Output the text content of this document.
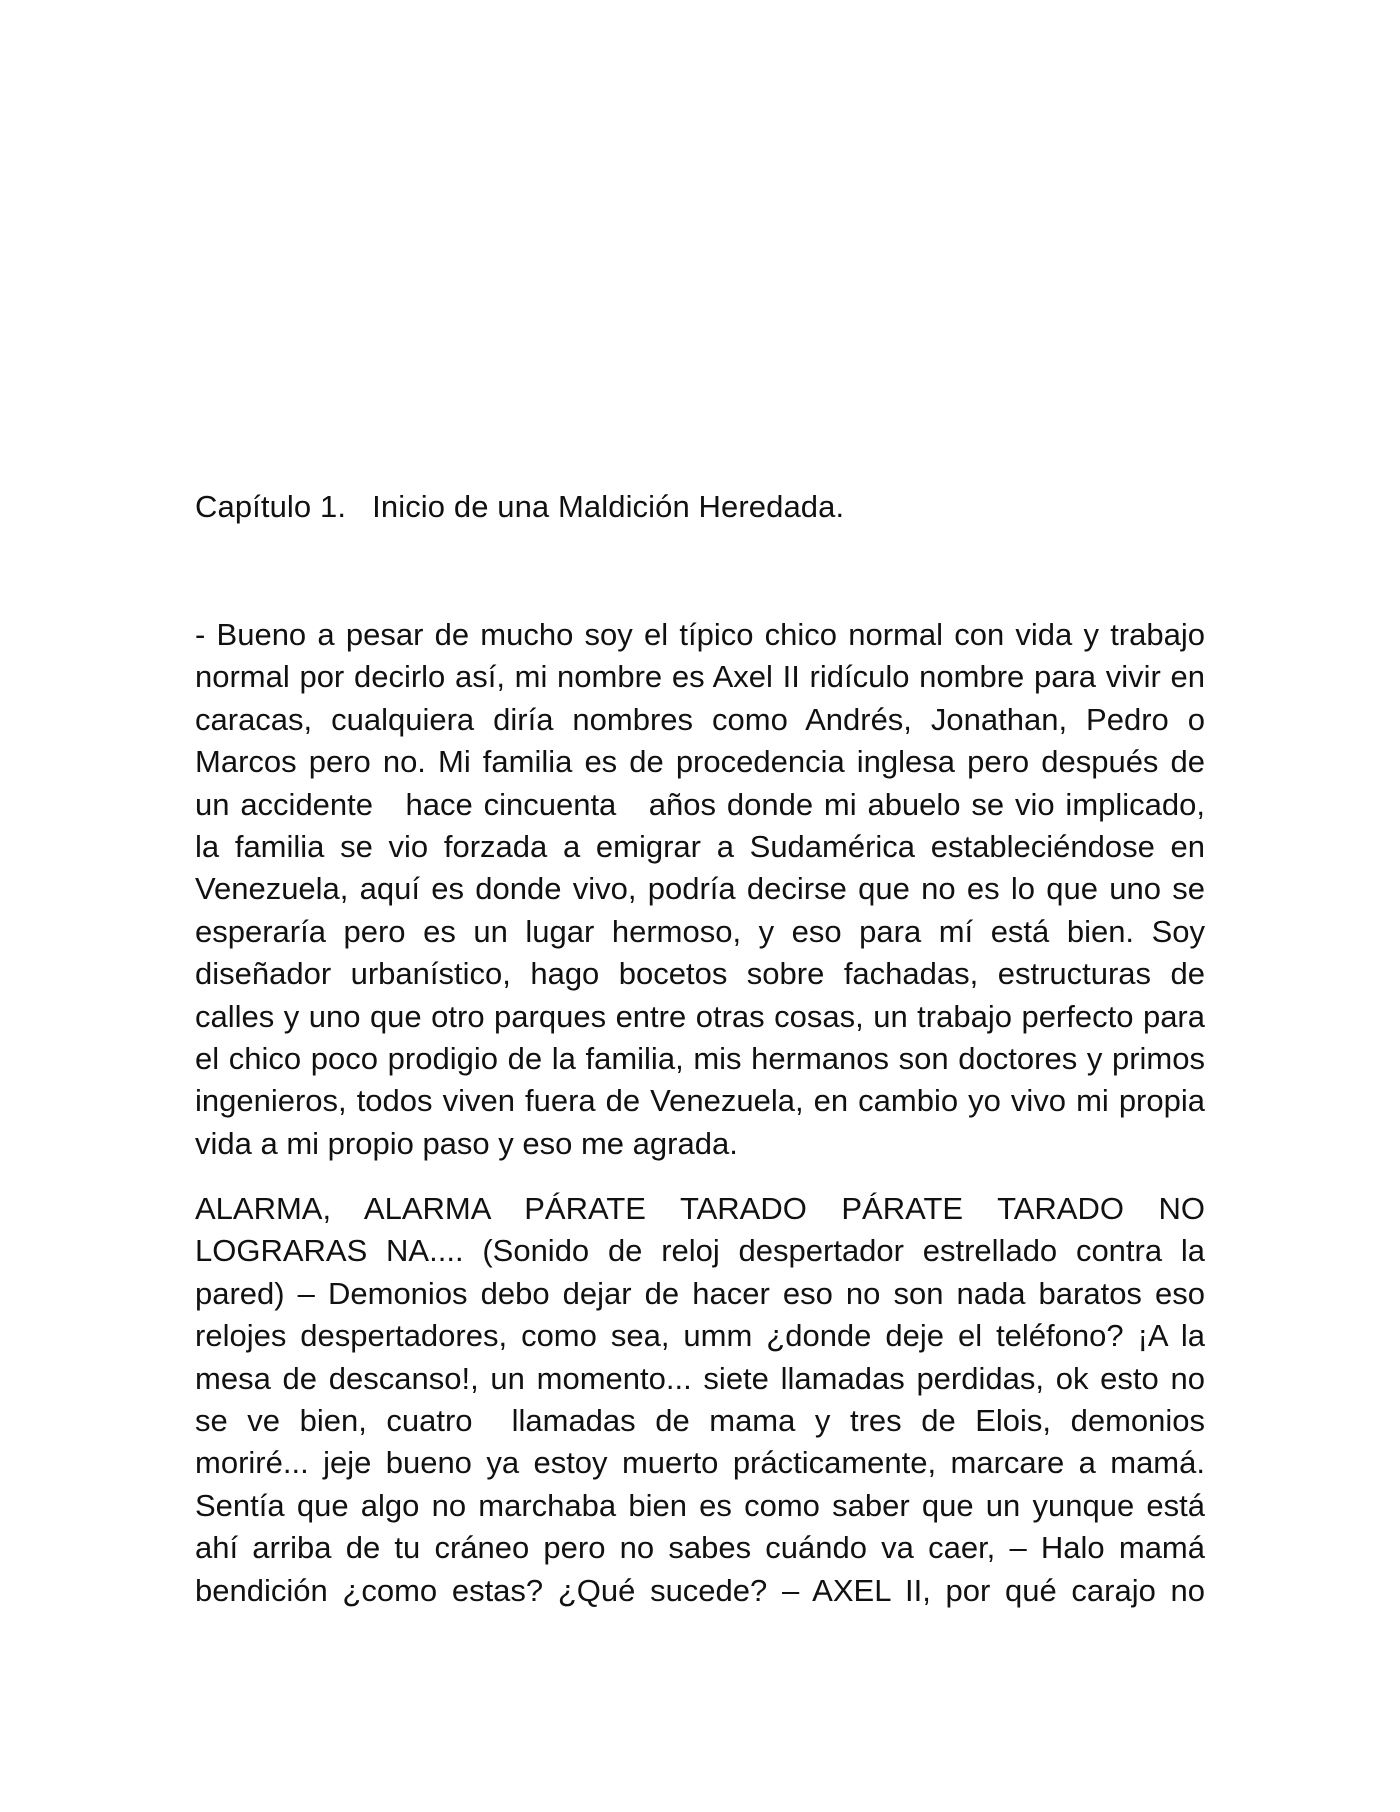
Capítulo 1.   Inicio de una Maldición Heredada.

- Bueno a pesar de mucho soy el típico chico normal con vida y trabajo
normal por decirlo así, mi nombre es Axel II ridículo nombre para vivir en
caracas, cualquiera diría nombres como Andrés, Jonathan, Pedro o
Marcos pero no. Mi familia es de procedencia inglesa pero después de
un accidente   hace cincuenta   años donde mi abuelo se vio implicado,
la familia se vio forzada a emigrar a Sudamérica estableciéndose en
Venezuela, aquí es donde vivo, podría decirse que no es lo que uno se
esperaría pero es un lugar hermoso, y eso para mí está bien. Soy
diseñador urbanístico, hago bocetos sobre fachadas, estructuras de
calles y uno que otro parques entre otras cosas, un trabajo perfecto para
el chico poco prodigio de la familia, mis hermanos son doctores y primos
ingenieros, todos viven fuera de Venezuela, en cambio yo vivo mi propia
vida a mi propio paso y eso me agrada.

ALARMA, ALARMA PÁRATE TARADO PÁRATE TARADO NO
LOGRARAS NA.... (Sonido de reloj despertador estrellado contra la
pared) – Demonios debo dejar de hacer eso no son nada baratos eso
relojes despertadores, como sea, umm ¿donde deje el teléfono? ¡A la
mesa de descanso!, un momento... siete llamadas perdidas, ok esto no
se ve bien, cuatro  llamadas de mama y tres de Elois, demonios
moriré... jeje bueno ya estoy muerto prácticamente, marcare a mamá.
Sentía que algo no marchaba bien es como saber que un yunque está
ahí arriba de tu cráneo pero no sabes cuándo va caer, – Halo mamá
bendición ¿como estas? ¿Qué sucede? – AXEL II, por qué carajo no
